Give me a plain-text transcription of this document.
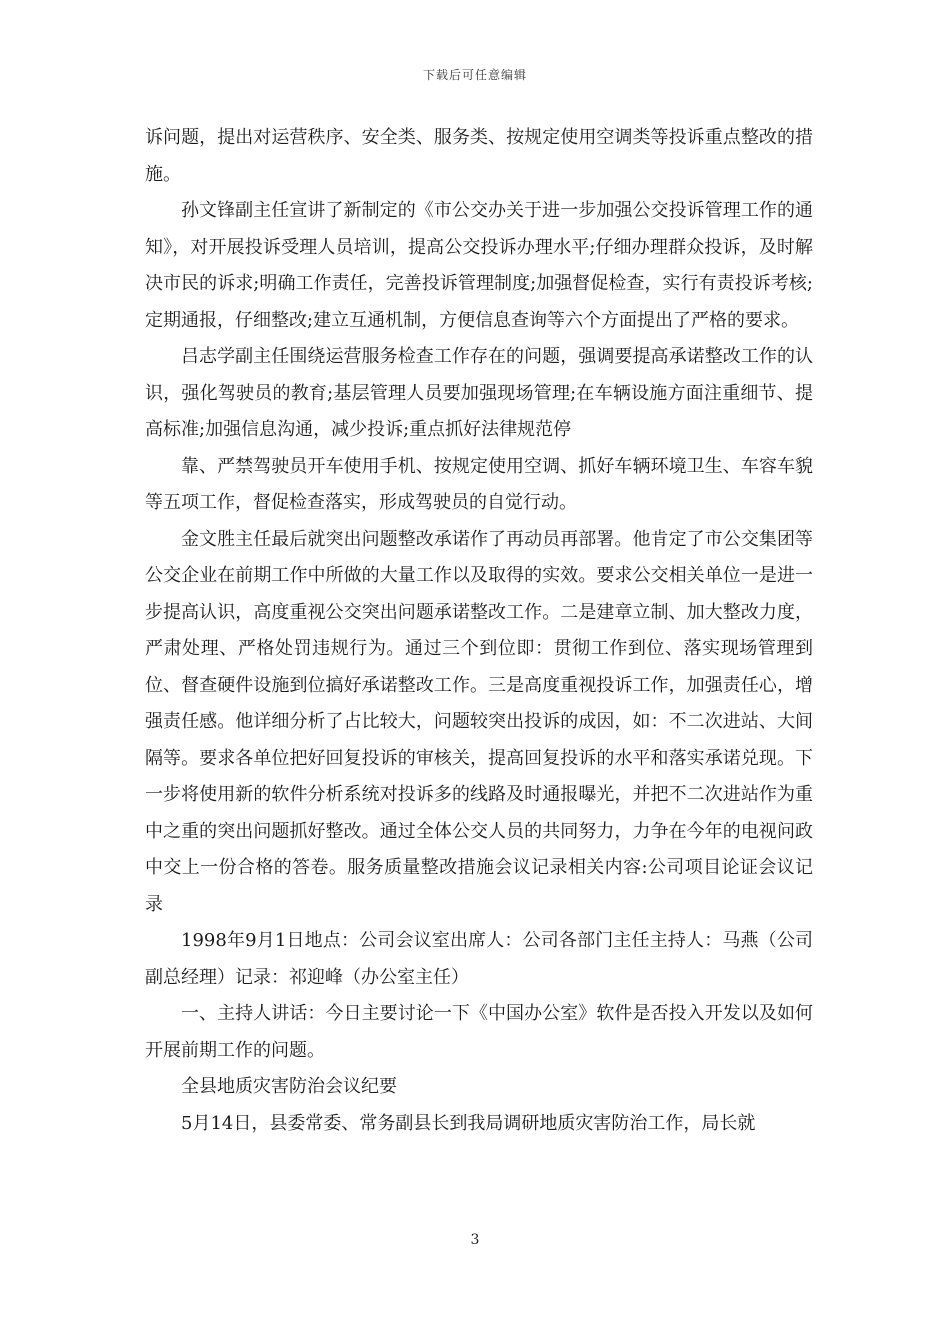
下载后可任意编辑

诉问题，提出对运营秩序、安全类、服务类、按规定使用空调类等投诉重点整改的措施。

孙文锋副主任宣讲了新制定的《市公交办关于进一步加强公交投诉管理工作的通知》，对开展投诉受理人员培训，提高公交投诉办理水平;仔细办理群众投诉，及时解决市民的诉求;明确工作责任，完善投诉管理制度;加强督促检查，实行有责投诉考核;定期通报，仔细整改;建立互通机制，方便信息查询等六个方面提出了严格的要求。

吕志学副主任围绕运营服务检查工作存在的问题，强调要提高承诺整改工作的认识，强化驾驶员的教育;基层管理人员要加强现场管理;在车辆设施方面注重细节、提高标准;加强信息沟通，减少投诉;重点抓好法律规范停

靠、严禁驾驶员开车使用手机、按规定使用空调、抓好车辆环境卫生、车容车貌等五项工作，督促检查落实，形成驾驶员的自觉行动。

金文胜主任最后就突出问题整改承诺作了再动员再部署。他肯定了市公交集团等公交企业在前期工作中所做的大量工作以及取得的实效。要求公交相关单位一是进一步提高认识，高度重视公交突出问题承诺整改工作。二是建章立制、加大整改力度，严肃处理、严格处罚违规行为。通过三个到位即：贯彻工作到位、落实现场管理到位、督查硬件设施到位搞好承诺整改工作。三是高度重视投诉工作，加强责任心，增强责任感。他详细分析了占比较大，问题较突出投诉的成因，如：不二次进站、大间隔等。要求各单位把好回复投诉的审核关，提高回复投诉的水平和落实承诺兑现。下一步将使用新的软件分析系统对投诉多的线路及时通报曝光，并把不二次进站作为重中之重的突出问题抓好整改。通过全体公交人员的共同努力，力争在今年的电视问政中交上一份合格的答卷。服务质量整改措施会议记录相关内容:公司项目论证会议记录

1998年9月1日地点：公司会议室出席人：公司各部门主任主持人：马燕（公司副总经理）记录：祁迎峰（办公室主任）

一、主持人讲话：今日主要讨论一下《中国办公室》软件是否投入开发以及如何开展前期工作的问题。

全县地质灾害防治会议纪要

5月14日，县委常委、常务副县长到我局调研地质灾害防治工作，局长就

3
